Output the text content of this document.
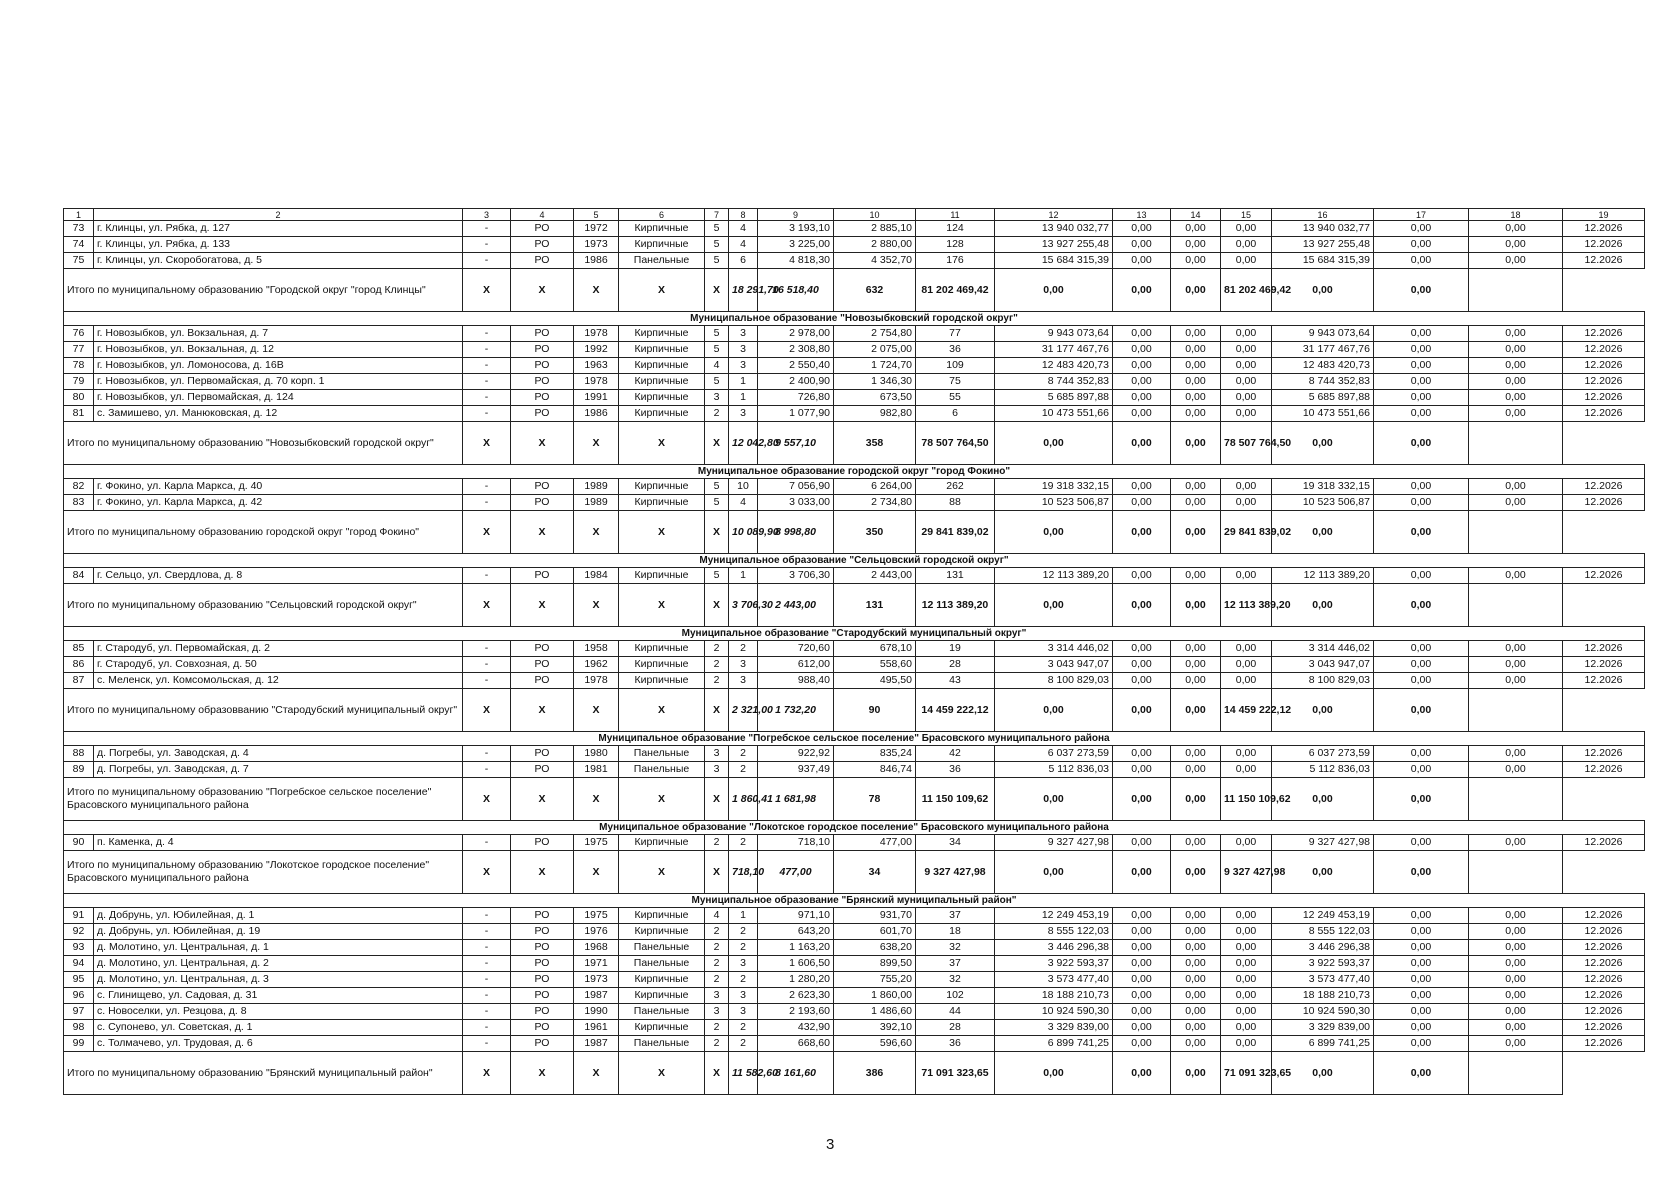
1	2	3	4	5	6	7	8	9	10	11	12	13	14	15	16	17	18	19
73	г. Клинцы, ул. Рябка, д. 127	-	РО	1972	Кирпичные	5	4	3 193,10	2 885,10	124	13 940 032,77	0,00	0,00	0,00	13 940 032,77	0,00	0,00	12.2026
74	г. Клинцы, ул. Рябка, д. 133	-	РО	1973	Кирпичные	5	4	3 225,00	2 880,00	128	13 927 255,48	0,00	0,00	0,00	13 927 255,48	0,00	0,00	12.2026
75	г. Клинцы, ул. Скоробогатова, д. 5	-	РО	1986	Панельные	5	6	4 818,30	4 352,70	176	15 684 315,39	0,00	0,00	0,00	15 684 315,39	0,00	0,00	12.2026
Итого по муниципальному образованию "Городской округ "город Клинцы"		X	X	X	X	X	18 291,70	16 518,40	632	81 202 469,42	0,00	0,00	0,00	81 202 469,42	0,00	0,00		
Муниципальное образование "Новозыбковский городской округ"																		
76	г. Новозыбков, ул. Вокзальная, д. 7	-	РО	1978	Кирпичные	5	3	2 978,00	2 754,80	77	9 943 073,64	0,00	0,00	0,00	9 943 073,64	0,00	0,00	12.2026
77	г. Новозыбков, ул. Вокзальная, д. 12	-	РО	1992	Кирпичные	5	3	2 308,80	2 075,00	36	31 177 467,76	0,00	0,00	0,00	31 177 467,76	0,00	0,00	12.2026
78	г. Новозыбков, ул. Ломоносова, д. 16В	-	РО	1963	Кирпичные	4	3	2 550,40	1 724,70	109	12 483 420,73	0,00	0,00	0,00	12 483 420,73	0,00	0,00	12.2026
79	г. Новозыбков, ул. Первомайская, д. 70 корп. 1	-	РО	1978	Кирпичные	5	1	2 400,90	1 346,30	75	8 744 352,83	0,00	0,00	0,00	8 744 352,83	0,00	0,00	12.2026
80	г. Новозыбков, ул. Первомайская, д. 124	-	РО	1991	Кирпичные	3	1	726,80	673,50	55	5 685 897,88	0,00	0,00	0,00	5 685 897,88	0,00	0,00	12.2026
81	с. Замишево, ул. Манюковская, д. 12	-	РО	1986	Кирпичные	2	3	1 077,90	982,80	6	10 473 551,66	0,00	0,00	0,00	10 473 551,66	0,00	0,00	12.2026
Итого по муниципальному образованию "Новозыбковский городской округ"		X	X	X	X	X	12 042,80	9 557,10	358	78 507 764,50	0,00	0,00	0,00	78 507 764,50	0,00	0,00		
Муниципальное образование городской округ "город Фокино"																		
82	г. Фокино, ул. Карла Маркса, д. 40	-	РО	1989	Кирпичные	5	10	7 056,90	6 264,00	262	19 318 332,15	0,00	0,00	0,00	19 318 332,15	0,00	0,00	12.2026
83	г. Фокино, ул. Карла Маркса, д. 42	-	РО	1989	Кирпичные	5	4	3 033,00	2 734,80	88	10 523 506,87	0,00	0,00	0,00	10 523 506,87	0,00	0,00	12.2026
Итого по муниципальному образованию городской округ "город Фокино"		X	X	X	X	X	10 089,90	8 998,80	350	29 841 839,02	0,00	0,00	0,00	29 841 839,02	0,00	0,00		
Муниципальное образование "Сельцовский городской округ"																		
84	г. Сельцо, ул. Свердлова, д. 8	-	РО	1984	Кирпичные	5	1	3 706,30	2 443,00	131	12 113 389,20	0,00	0,00	0,00	12 113 389,20	0,00	0,00	12.2026
Итого по муниципальному образованию "Сельцовский городской округ"		X	X	X	X	X	3 706,30	2 443,00	131	12 113 389,20	0,00	0,00	0,00	12 113 389,20	0,00	0,00		
Муниципальное образование "Стародубский муниципальный округ"																		
85	г. Стародуб, ул. Первомайская, д. 2	-	РО	1958	Кирпичные	2	2	720,60	678,10	19	3 314 446,02	0,00	0,00	0,00	3 314 446,02	0,00	0,00	12.2026
86	г. Стародуб, ул. Совхозная, д. 50	-	РО	1962	Кирпичные	2	3	612,00	558,60	28	3 043 947,07	0,00	0,00	0,00	3 043 947,07	0,00	0,00	12.2026
87	с. Меленск, ул. Комсомольская, д. 12	-	РО	1978	Кирпичные	2	3	988,40	495,50	43	8 100 829,03	0,00	0,00	0,00	8 100 829,03	0,00	0,00	12.2026
Итого по муниципальному образовванию "Стародубский муниципальный округ"		X	X	X	X	X	2 321,00	1 732,20	90	14 459 222,12	0,00	0,00	0,00	14 459 222,12	0,00	0,00		
Муниципальное образование "Погребское сельское поселение" Брасовского муниципального района																		
88	д. Погребы, ул. Заводская, д. 4	-	РО	1980	Панельные	3	2	922,92	835,24	42	6 037 273,59	0,00	0,00	0,00	6 037 273,59	0,00	0,00	12.2026
89	д. Погребы, ул. Заводская, д. 7	-	РО	1981	Панельные	3	2	937,49	846,74	36	5 112 836,03	0,00	0,00	0,00	5 112 836,03	0,00	0,00	12.2026
Итого по муниципальному образованию "Погребское сельское поселение" Брасовского муниципального района		X	X	X	X	X	1 860,41	1 681,98	78	11 150 109,62	0,00	0,00	0,00	11 150 109,62	0,00	0,00		
Муниципальное образование "Локотское городское поселение" Брасовского муниципального района																		
90	п. Каменка, д. 4	-	РО	1975	Кирпичные	2	2	718,10	477,00	34	9 327 427,98	0,00	0,00	0,00	9 327 427,98	0,00	0,00	12.2026
Итого по муниципальному образованию "Локотское городское поселение" Брасовского муниципального района		X	X	X	X	X	718,10	477,00	34	9 327 427,98	0,00	0,00	0,00	9 327 427,98	0,00	0,00		
Муниципальное образование "Брянский муниципальный район"																		
91	д. Добрунь, ул. Юбилейная, д. 1	-	РО	1975	Кирпичные	4	1	971,10	931,70	37	12 249 453,19	0,00	0,00	0,00	12 249 453,19	0,00	0,00	12.2026
92	д. Добрунь, ул. Юбилейная, д. 19	-	РО	1976	Кирпичные	2	2	643,20	601,70	18	8 555 122,03	0,00	0,00	0,00	8 555 122,03	0,00	0,00	12.2026
93	д. Молотино, ул. Центральная, д. 1	-	РО	1968	Панельные	2	2	1 163,20	638,20	32	3 446 296,38	0,00	0,00	0,00	3 446 296,38	0,00	0,00	12.2026
94	д. Молотино, ул. Центральная, д. 2	-	РО	1971	Панельные	2	3	1 606,50	899,50	37	3 922 593,37	0,00	0,00	0,00	3 922 593,37	0,00	0,00	12.2026
95	д. Молотино, ул. Центральная, д. 3	-	РО	1973	Кирпичные	2	2	1 280,20	755,20	32	3 573 477,40	0,00	0,00	0,00	3 573 477,40	0,00	0,00	12.2026
96	с. Глинищево, ул. Садовая, д. 31	-	РО	1987	Кирпичные	3	3	2 623,30	1 860,00	102	18 188 210,73	0,00	0,00	0,00	18 188 210,73	0,00	0,00	12.2026
97	с. Новоселки, ул. Резцова, д. 8	-	РО	1990	Панельные	3	3	2 193,60	1 486,60	44	10 924 590,30	0,00	0,00	0,00	10 924 590,30	0,00	0,00	12.2026
98	с. Супонево, ул. Советская, д. 1	-	РО	1961	Кирпичные	2	2	432,90	392,10	28	3 329 839,00	0,00	0,00	0,00	3 329 839,00	0,00	0,00	12.2026
99	с. Толмачево, ул. Трудовая, д. 6	-	РО	1987	Панельные	2	2	668,60	596,60	36	6 899 741,25	0,00	0,00	0,00	6 899 741,25	0,00	0,00	12.2026
Итого по муниципальному образованию "Брянский муниципальный район"		X	X	X	X	X	11 582,60	8 161,60	386	71 091 323,65	0,00	0,00	0,00	71 091 323,65	0,00	0,00		
3
